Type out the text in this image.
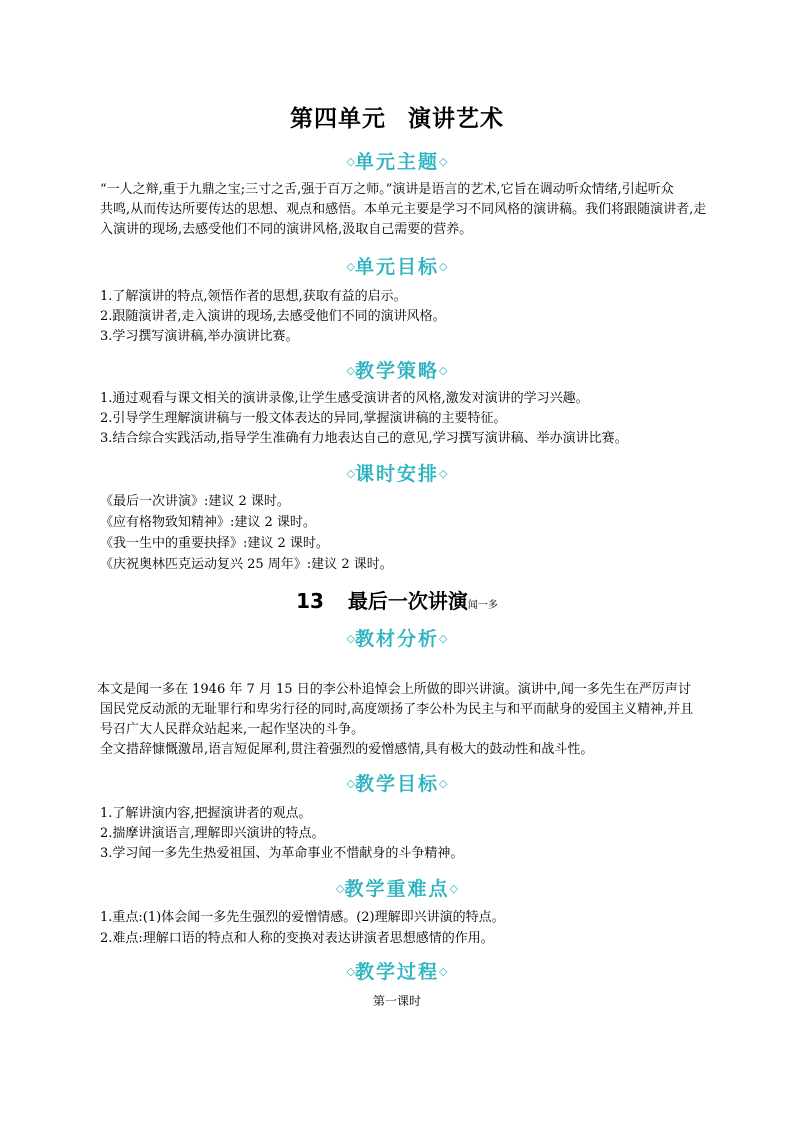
第四单元 演讲艺术
◇单元主题◇
“一人之辩,重于九鼎之宝;三寸之舌,强于百万之师。”演讲是语言的艺术,它旨在调动听众情绪,引起听众
共鸣,从而传达所要传达的思想、观点和感悟。本单元主要是学习不同风格的演讲稿。我们将跟随演讲者,走
入演讲的现场,去感受他们不同的演讲风格,汲取自己需要的营养。
◇单元目标◇
1.了解演讲的特点,领悟作者的思想,获取有益的启示。
2.跟随演讲者,走入演讲的现场,去感受他们不同的演讲风格。
3.学习撰写演讲稿,举办演讲比赛。
◇教学策略◇
1.通过观看与课文相关的演讲录像,让学生感受演讲者的风格,激发对演讲的学习兴趣。
2.引导学生理解演讲稿与一般文体表达的异同,掌握演讲稿的主要特征。
3.结合综合实践活动,指导学生准确有力地表达自己的意见,学习撰写演讲稿、举办演讲比赛。
◇课时安排◇
《最后一次讲演》:建议 2 课时。
《应有格物致知精神》:建议 2 课时。
《我一生中的重要抉择》:建议 2 课时。
《庆祝奥林匹克运动复兴 25 周年》:建议 2 课时。
13 最后一次讲演闻一多
◇教材分析◇
本文是闻一多在 1946 年 7 月 15 日的李公朴追悼会上所做的即兴讲演。演讲中,闻一多先生在严厉声讨
国民党反动派的无耻罪行和卑劣行径的同时,高度颂扬了李公朴为民主与和平而献身的爱国主义精神,并且
号召广大人民群众站起来,一起作坚决的斗争。
全文措辞慷慨激昂,语言短促犀利,贯注着强烈的爱憎感情,具有极大的鼓动性和战斗性。
◇教学目标◇
1.了解讲演内容,把握演讲者的观点。
2.揣摩讲演语言,理解即兴演讲的特点。
3.学习闻一多先生热爱祖国、为革命事业不惜献身的斗争精神。
◇教学重难点◇
1.重点:(1)体会闻一多先生强烈的爱憎情感。(2)理解即兴讲演的特点。
2.难点:理解口语的特点和人称的变换对表达讲演者思想感情的作用。
◇教学过程◇
第一课时
